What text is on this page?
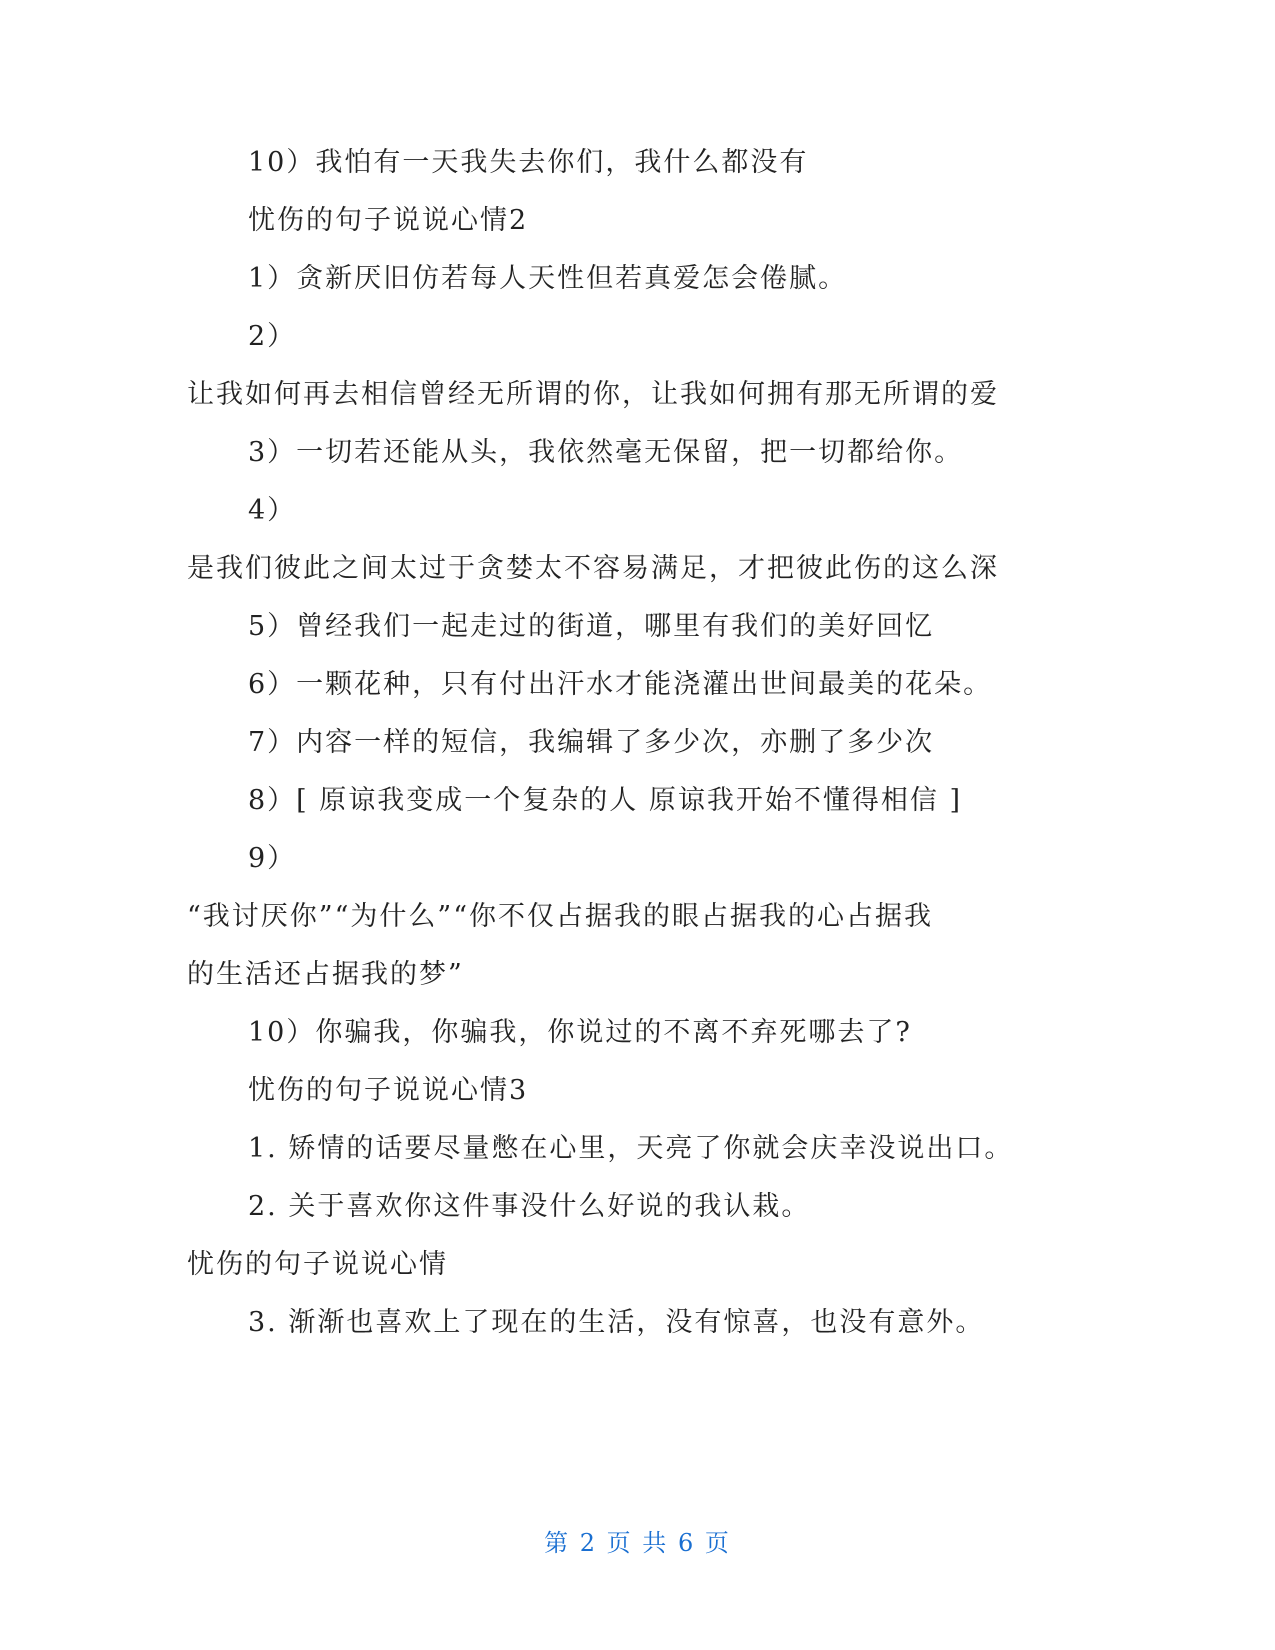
10）我怕有一天我失去你们，我什么都没有
忧伤的句子说说心情2
1）贪新厌旧仿若每人天性但若真爱怎会倦腻。
2）
让我如何再去相信曾经无所谓的你，让我如何拥有那无所谓的爱
3）一切若还能从头，我依然毫无保留，把一切都给你。
4）
是我们彼此之间太过于贪婪太不容易满足，才把彼此伤的这么深
5）曾经我们一起走过的街道，哪里有我们的美好回忆
6）一颗花种，只有付出汗水才能浇灌出世间最美的花朵。
7）内容一样的短信，我编辑了多少次，亦删了多少次
8）[ 原谅我变成一个复杂的人 原谅我开始不懂得相信 ]
9）
“我讨厌你”“为什么”“你不仅占据我的眼占据我的心占据我
的生活还占据我的梦”
10）你骗我，你骗我，你说过的不离不弃死哪去了?
忧伤的句子说说心情3
1. 矫情的话要尽量憋在心里，天亮了你就会庆幸没说出口。
2. 关于喜欢你这件事没什么好说的我认栽。
忧伤的句子说说心情
3. 渐渐也喜欢上了现在的生活，没有惊喜，也没有意外。
第 2 页 共 6 页
